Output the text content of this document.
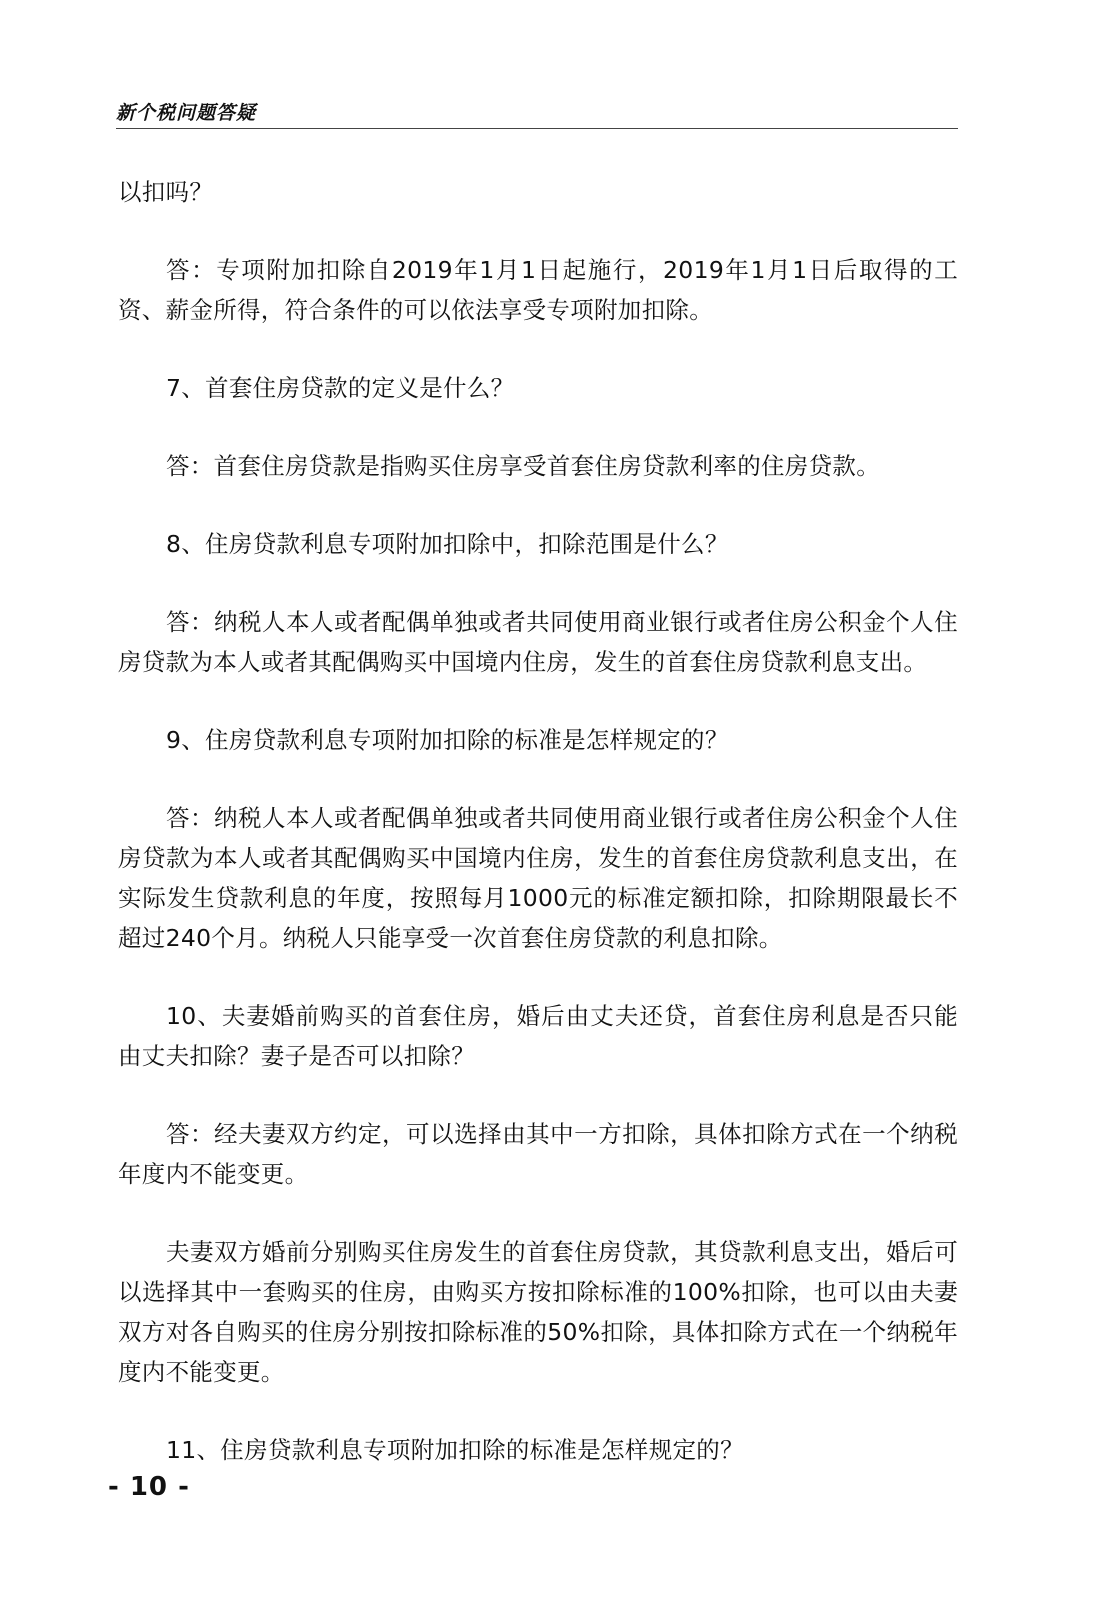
新个税问题答疑

以扣吗？

答：专项附加扣除自2019年1月1日起施行，2019年1月1日后取得的工资、薪金所得，符合条件的可以依法享受专项附加扣除。

7、首套住房贷款的定义是什么？

答：首套住房贷款是指购买住房享受首套住房贷款利率的住房贷款。

8、住房贷款利息专项附加扣除中，扣除范围是什么？

答：纳税人本人或者配偶单独或者共同使用商业银行或者住房公积金个人住房贷款为本人或者其配偶购买中国境内住房，发生的首套住房贷款利息支出。

9、住房贷款利息专项附加扣除的标准是怎样规定的？

答：纳税人本人或者配偶单独或者共同使用商业银行或者住房公积金个人住房贷款为本人或者其配偶购买中国境内住房，发生的首套住房贷款利息支出，在实际发生贷款利息的年度，按照每月1000元的标准定额扣除，扣除期限最长不超过240个月。纳税人只能享受一次首套住房贷款的利息扣除。

10、夫妻婚前购买的首套住房，婚后由丈夫还贷，首套住房利息是否只能由丈夫扣除？妻子是否可以扣除？

答：经夫妻双方约定，可以选择由其中一方扣除，具体扣除方式在一个纳税年度内不能变更。

夫妻双方婚前分别购买住房发生的首套住房贷款，其贷款利息支出，婚后可以选择其中一套购买的住房，由购买方按扣除标准的100%扣除，也可以由夫妻双方对各自购买的住房分别按扣除标准的50%扣除，具体扣除方式在一个纳税年度内不能变更。

11、住房贷款利息专项附加扣除的标准是怎样规定的？

- 10 -
